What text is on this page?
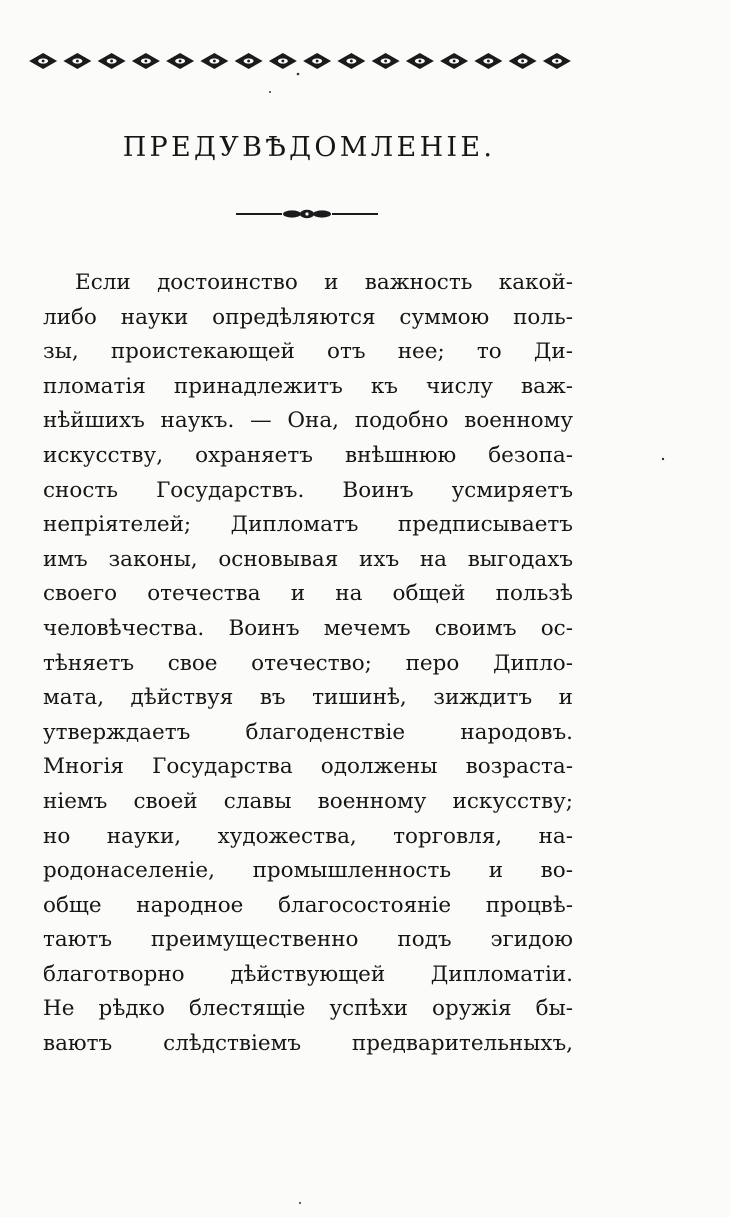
ПРЕДУВѢДОМЛЕНІЕ.
Если достоинство и важность какой-
либо науки опредѣляются суммою поль-
зы, проистекающей отъ нее; то Ди-
пломатія принадлежитъ къ числу важ-
нѣйшихъ наукъ. — Она, подобно военному
искусству, охраняетъ внѣшнюю безопа-
сность Государствъ. Воинъ усмиряетъ
непріятелей; Дипломатъ предписываетъ
имъ законы, основывая ихъ на выгодахъ
своего отечества и на общей пользѣ
человѣчества. Воинъ мечемъ своимъ ос-
тѣняетъ свое отечество; перо Дипло-
мата, дѣйствуя въ тишинѣ, зиждитъ и
утверждаетъ благоденствіе народовъ.
Многія Государства одолжены возраста-
ніемъ своей славы военному искусству;
но науки, художества, торговля, на-
родонаселеніе, промышленность и во-
обще народное благосостояніе процвѣ-
таютъ преимущественно подъ эгидою
благотворно дѣйствующей Дипломатіи.
Не рѣдко блестящіе успѣхи оружія бы-
ваютъ слѣдствіемъ предварительныхъ,
